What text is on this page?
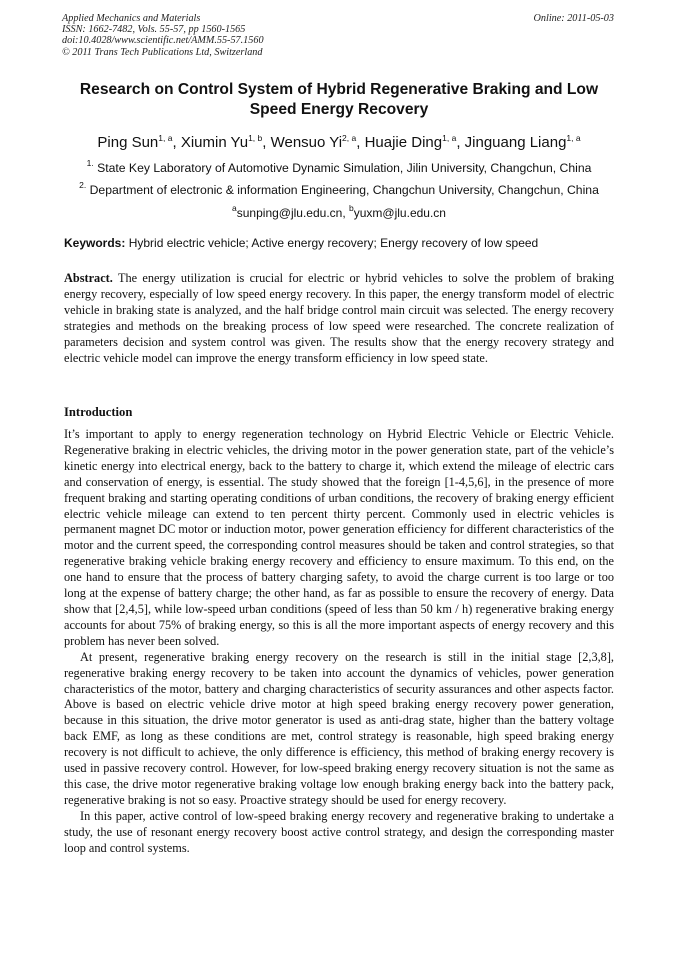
Applied Mechanics and Materials
ISSN: 1662-7482, Vols. 55-57, pp 1560-1565
doi:10.4028/www.scientific.net/AMM.55-57.1560
© 2011 Trans Tech Publications Ltd, Switzerland
Online: 2011-05-03
Research on Control System of Hybrid Regenerative Braking and Low
Speed Energy Recovery
Ping Sun$^{1, a}$, Xiumin Yu$^{1, b}$, Wensuo Yi$^{2, a}$, Huajie Ding$^{1, a}$, Jinguang Liang$^{1, a}$
$^{1.}$ State Key Laboratory of Automotive Dynamic Simulation, Jilin University, Changchun, China
$^{2.}$ Department of electronic & information Engineering, Changchun University, Changchun, China
$^a$sunping@jlu.edu.cn, $^b$yuxm@jlu.edu.cn
Keywords: Hybrid electric vehicle; Active energy recovery; Energy recovery of low speed
Abstract. The energy utilization is crucial for electric or hybrid vehicles to solve the problem of braking energy recovery, especially of low speed energy recovery. In this paper, the energy transform model of electric vehicle in braking state is analyzed, and the half bridge control main circuit was selected. The energy recovery strategies and methods on the breaking process of low speed were researched. The concrete realization of parameters decision and system control was given. The results show that the energy recovery strategy and electric vehicle model can improve the energy transform efficiency in low speed state.
Introduction

It’s important to apply to energy regeneration technology on Hybrid Electric Vehicle or Electric Vehicle. Regenerative braking in electric vehicles, the driving motor in the power generation state, part of the vehicle’s kinetic energy into electrical energy, back to the battery to charge it, which extend the mileage of electric cars and conservation of energy, is essential. The study showed that the foreign [1-4,5,6], in the presence of more frequent braking and starting operating conditions of urban conditions, the recovery of braking energy efficient electric vehicle mileage can extend to ten percent thirty percent. Commonly used in electric vehicles is permanent magnet DC motor or induction motor, power generation efficiency for different characteristics of the motor and the current speed, the corresponding control measures should be taken and control strategies, so that regenerative braking vehicle braking energy recovery and efficiency to ensure maximum. To this end, on the one hand to ensure that the process of battery charging safety, to avoid the charge current is too large or too long at the expense of battery charge; the other hand, as far as possible to ensure the recovery of energy. Data show that [2,4,5], while low-speed urban conditions (speed of less than 50 km / h) regenerative braking energy accounts for about 75% of braking energy, so this is all the more important aspects of energy recovery and this problem has never been solved.

At present, regenerative braking energy recovery on the research is still in the initial stage [2,3,8], regenerative braking energy recovery to be taken into account the dynamics of vehicles, power generation characteristics of the motor, battery and charging characteristics of security assurances and other aspects factor. Above is based on electric vehicle drive motor at high speed braking energy recovery power generation, because in this situation, the drive motor generator is used as anti-drag state, higher than the battery voltage back EMF, as long as these conditions are met, control strategy is reasonable, high speed braking energy recovery is not difficult to achieve, the only difference is efficiency, this method of braking energy recovery is used in passive recovery control. However, for low-speed braking energy recovery situation is not the same as this case, the drive motor regenerative braking voltage low enough braking energy back into the battery pack, regenerative braking is not so easy. Proactive strategy should be used for energy recovery.

In this paper, active control of low-speed braking energy recovery and regenerative braking to undertake a study, the use of resonant energy recovery boost active control strategy, and design the corresponding master loop and control systems.
